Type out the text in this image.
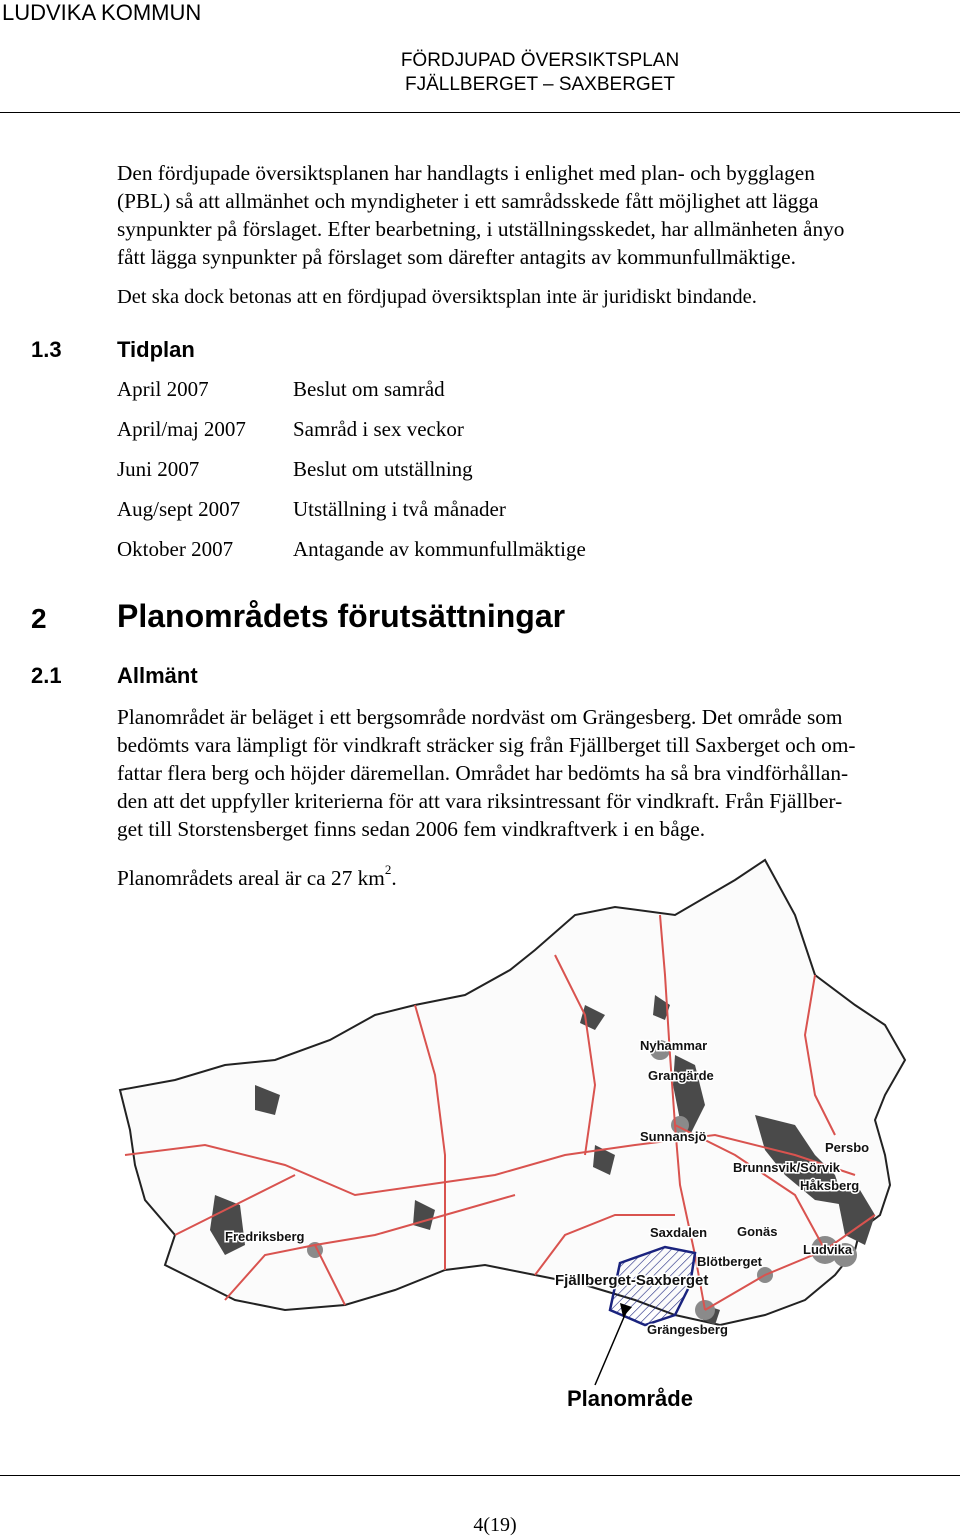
LUDVIKA KOMMUN
FÖRDJUPAD ÖVERSIKTSPLAN
FJÄLLBERGET – SAXBERGET
Den fördjupade översiktsplanen har handlagts i enlighet med plan- och bygglagen
(PBL) så att allmänhet och myndigheter i ett samrådsskede fått möjlighet att lägga
synpunkter på förslaget. Efter bearbetning, i utställningsskedet, har allmänheten ånyo
fått lägga synpunkter på förslaget som därefter antagits av kommunfullmäktige.
Det ska dock betonas att en fördjupad översiktsplan inte är juridiskt bindande.
1.3	Tidplan
April 2007	Beslut om samråd
April/maj 2007 Samråd i sex veckor
Juni 2007	Beslut om utställning
Aug/sept 2007	Utställning i två månader
Oktober 2007	Antagande av kommunfullmäktige
2 Planområdets förutsättningar
2.1	Allmänt
Planområdet är beläget i ett bergsområde nordväst om Grängesberg. Det område som
bedömts vara lämpligt för vindkraft sträcker sig från Fjällberget till Saxberget och om-
fattar flera berg och höjder däremellan. Området har bedömts ha så bra vindförhållan-
den att det uppfyller kriterierna för att vara riksintressant för vindkraft. Från Fjällber-
get till Storstensberget finns sedan 2006 fem vindkraftverk i en båge.
Nyhammar
Grangärde
Sunnansjö
Persbo
Brunnsvik/Sörvik
Håksberg
Fredriksberg	Saxdalen Gonäs
Ludvika
Blötberget
Fjällberget-Saxberget
Grängesberg
Planområde
Planområdets areal är ca 27 $km^2$.
4(19)
